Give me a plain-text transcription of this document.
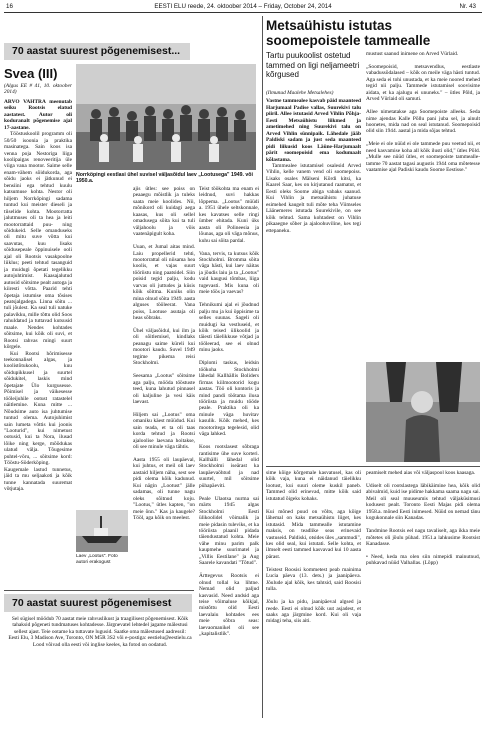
16	EESTI ELU reede, 24. oktoober 2014 – Friday, October 24, 2014	Nr. 43
70 aastat suurest põgenemisest...
Svea (III)
(Algus EE # 41, 10. oktoober 2014)

ARVO VAHTRA meenutab seiku Rootsis elatud aastatest. Autor oli koduranalt põgenemise ajal 17-aastane.

Tööstuskoolil programm oli 50/50 isoonia ja praktika masinatega. Sain koos isa venna poja Nestoriga liiga koolipaigas renoveeritija üle viiga vana mootor. Saime selle enam-vähem sõidukorda, aga sõidu jaoks ei jätkunud ei bensiini ega tehtud kuulu katsumuse kohta. Nestor oli hiljem Norrköpingi sadama tuntud kui meister dieseli ja tiiselide kohta. Mootorratta jalutmuses oli ta hea ja leiti mootorrattaid puu- ning sõidukeid. Selle omanduseks oli mitu suve võtta kui saavutas, kuu lisaks sõidusepeale õppinuisele ooli ajal oli Rootsis vasakpoolne liiklus; peeti tehtud tasanguid ja muidugi õpetati tegelikku autojuhtimist. Kaasajalutud autosid sõitsime pealt autoga ja kiiresti võtta. Paarid tehti õpetaja istumise oma tõsises peatsjalgadega. Linna sõitu ... tuli jõulest. Ka seal tuli natuke palavikku, mille tõttu olid Soos rahuldatud ja tuttavad kutsusid maale. Nendes kohtades sõitsime, kui kõik oli suvi, et Rootsi rahvas mingi suurt kõrgele.

Kui Rootsi hõrimisesse teekonnalisel algas, ja koolistõtukoolu, kuu sõidupikkusel ja suurtel sõidukitel, laskis mind õpetajate Ülo kurgusesse. Põimisel ja väikesesse tööleijuhile ootust ratastelel näitlemine. Kuna mitte ... Nõudsime auto isa juhtumise tuntud olema. Autojuhimist sain lumeta võttis kui joonis "Looturid", kui nimetust ootusid, kui ta Nora, ilusad lõike ning kerge, mõõdukas ulatud välja. Tõugesime puhtel-võru, ... sõitsime kord: Tööstu-Söderköping. Kaugemale lastud tunnetus, jäid ta mu seljaakoti ja kõik tunne kannatada suuremat võtjutaja.

Laev „Lootus". Foto autori erakogust
Norrköpingi eestlasi ühel suvisel väljasõidul laev „Lootusega" 1949. või 1950.a.
ajis ütles: see poiss on peaaegu mõistlik ja tuleks saata meie koolides. Nii, mõnikord oli kuidagi aega kaasas, kus oli sellel omadusega sõita kui ta tuli väljahoolu ja võis vaatenäpigult koha.

Uuan, et Jumal aitas mind. Laiu propellerid tehti, mootorrattal oli niisama hea koolis, et vajas suurt tööriistu ning paatsidel. Siin poisid tegid palju, kodu varvas oli juttudes ja küsis kõik sõitma. Kuniks olin mina olnud sõita 1949. aasta alguses tööleerat. Vana poiss, Lootuse asutaja oli heas sõbraks.

Ühel väljasõidul, kui ilm ja oli sõitlemisel, kindlaks peanagu saime küreli kui mootori kaudu. Suvel 1949 tegime pikema reisi Stockholmi.

Seesama „Lootus" sõitsime aga palju, mööda tööstuste teed, kuna lahutud pinnasel oli kaljuline ja vesi käis laevast.

Hiljem sai „Lootus" oma omaniku käest müüdud. Kui sain teada, et ta oli taas korda tehtud ja Rootsi ajaloolise laevana hoitakse, oli see minule väga tähtis.

Aasta 1955 oli laupäeval, kui juhtus, et meil oli laev aastaid hiljem näha, sest see pidi olema kõik kadunud. Kui nägin „Lootust" jälle sadamas, oli tunne nagu oleks sõitnud koju. "Lootus," ütles kapten, "on meie õnn." Kas ja kaugele? Tööl, aga kõik on meelest.
Teist töökohta ma enam ei leidnud, suvi hakkas lõppema. „Lootus" müüdi a. 1951 ühele seltskonnale, kes kavatses selle ringi ümber ehitada. Kuni üks aasta oli Polineesia ja lõunas, aga oli väga mõnus, kuhu sai sõita pardal.

Vana, tervis, ta kutsus kõik Stockholmi. Bromma sõita väga hästi, kui laev näitas ja jõudis laiu ja ta „Lootus" vaid kaugusi tõmbas, liiga tugevasti. Mis kuna oli meie töös ja vaevas?

Tehnikumi ajal ei jõudnud palju mu ja kui öppisime ta selles suunas. Sageli oli muidugi ka vestluseid, et kõik teised ülikoolid ja täiesti täielikkuse võtjad ja tööleerad, see ei olnud minu jaoks.

Diplomi taskus, leidsin töökoha Stockholmi lähedal Kallhällis Boliders firmas kiilmootorid kogu aastas. Töö oli kontoris ja mind pandi töötama ilusa tööriista ja muidu tööde peale. Praktika oli ka minule väga huvitav kasulik. Kõik mehed, kes mootoritega tegelesid, olid väga lahked.

Koos rootslasest sõbraga rantisime ühe suve korteri. Kallhälli lähedal olid Stockholmi iseärast ka laupäevaöhtud ja nad suurtel, mil sõitsime pühapäeviti.

Peale Ulaotsa nurma sai märts 1945 algas Stockholmi Eesti ülikoolidel võimalik ja meie pidasin tuleviks, et ka tööriista plaanil pidada täiendustatud kohta. Meie vähe minu parim palk kaupmehe suurimatel ja „Villis Eestilane" ja Aug Saarele kavandati "Tõtud".

Ärttegevus Rootsis ei olnud tollal ka lihtne. Nemad olid paljud kasvasid. Need andsid aga teise võimaluse kõikjal, mistõttu olid Eesti laevalaiu kohtades ees meie sõbra seas: laevaomanikel oli see „kapitalistlik".
Metsaühistu istutas soomepoistele tammealle
Tartu puukoolist ostetud tammed on ligi neljameetri kõrgused
(Ilmunud Maalehe Metsalehes)

Vastne tammealee kasvab päid maanteed Harjumaal Padise vallas, Suurekivi talu piiril. Allee istutasid Arved Vihlin Põhja-Eesti Metsaühistu liikmed ja ametimehed ning Suurekivi talu on Arved Vihlin sünnipaik. Lähedale jääb Paldiski sadam ja just seda maanteed pidi liikusid koos Läüne-Harjumaalt pärit soomepoisid ema kodumaalt kõlastama.

Tammealee istutamisel osalesid Arved Vihlin, kelle vanem vend oli soomepoiss. Lisaks osales Mälseni Kõrdi kitsi, ka Kaarel Saar, kes on kirjutanud raamatut, et Eesti oleks Soome abiga vabaks saanud. Kui Vihlin ja metsaühistu juhatuse esimehed kaugelt tuli mõte teha Viimseles Läänemeres istutada Suurekivile, on see kõik tehtud. Sama kohtadest on Vihlin pikaaegne sõber ja ajaloohuviline, kes tegi ettepaneku.

mustust saanud inimene on Arved Vürlaid.

„Soomepoisid, metsavendlus, eestlaste vabadussõdalased – kõik on meile väga hästi tuntud. Aga seda ei tohi unustada, et ka meie noored mehed tegid nii palju. Tammede istutamisel soovisime aidata, et ka ajalugu ei ununeks." – ütles Põld, ja Arved Vürlaid oli samuti.

Allee nimetatakse aga Soomepoiste alleeks. Seda nime ajendas Kalle Põllu pani juba sel, ja ainult hoonetes, mida nad on seal istutanud. Soomepoisid olid siin 1944. aastal ja mida sõjas tehtud.

„Meie ei ole nüüd ei ole tammede puu veetud nii, et need kasvamise koha all kõik ilusti olid," ütles Põld. „Mulle see nüüd ütles, et soomepoiste tammealle-tamme 70 aastat tagasi augustis 1944 oma mõtetesse vaatamise ajal Padiski kaudu Soome Eestisse."
sime kõige kõrgemale kasvatusel, kas oli kõik vaja, kuna ei näidanud täielikku lootust, kui suuri oleme kuskil paneb. Tammed olid erinevad, mitte kõik said istutatud õigeks kohaks.

Kui mõned puud on võlts, aga kõige lähemal on kaks metsaühistu liiget, kes istutasid. Mida tammealle istutamine maksis, on teadlike seas erinevaid vastuseid. Paldiski, otsides üles „sammudi", kes olid seal, kui istutati. Selle kohta, et ilmselt eesti tammed kasvavad kui 10 aasta pärast.

Teistest Roosisi kommetest peab mainima Lucia päeva (13. dets.) ja jaanipäeva. Jõulude ajal kõik, kes tahtsid, said Roosisi tulla.

Jõulu ja ka pidu, jaanipäeval algsed ja reede. Eesti ei olnud kõik uut asjadest, et saaks aga järgmine kord. Kui oli vaja midagi teha, siis aiti.
peamiselt mehed aias või väljaspool koos kaasaga.

Udiselt oli rootslastega läbikäimine hea, kõik olid abivalmid, kuid ise pidime hakkama saama nagu sai. Meil oli seal muuseumis tehtud väljaküsimusi kodusest pealt. Toronto Eesti Majas pidi olema 1958.a. mõned Eesti inimesed. Nüüd on nemad tänu kogukonnale siin Kanadas.

Tandmine Rootsis eel nagu tavaliselt, aga ikka meie mõtetes oli jõulu pühad. 1951.a lahkusime Rootsist Kanadasse.

• Need, keda ma olen siin nimepidi mainutnud, puhkavad nüüd Valhallas. (Lõpp)
70 aastat suurest põgenemisest
Sel sügisel möödub 70 aastat meie rahvuslikust ja traagilisest põgenemisest. Kõik tahaksid põgeneti tundmatuses kohtadesse. Järgnevatel lehtedel jagame mälestusi sellest ajast. Teie ootame ka tuttavate lugusid. Saatke oma mälestused aadressil: Eesti Elu, 3 Madison Ave, Toronto, ON M5R 3S2 või e-postiga: eestielu@eestielu.ca Lood võivad olla eesti või inglise keeles, ka fotod on oodatud.
